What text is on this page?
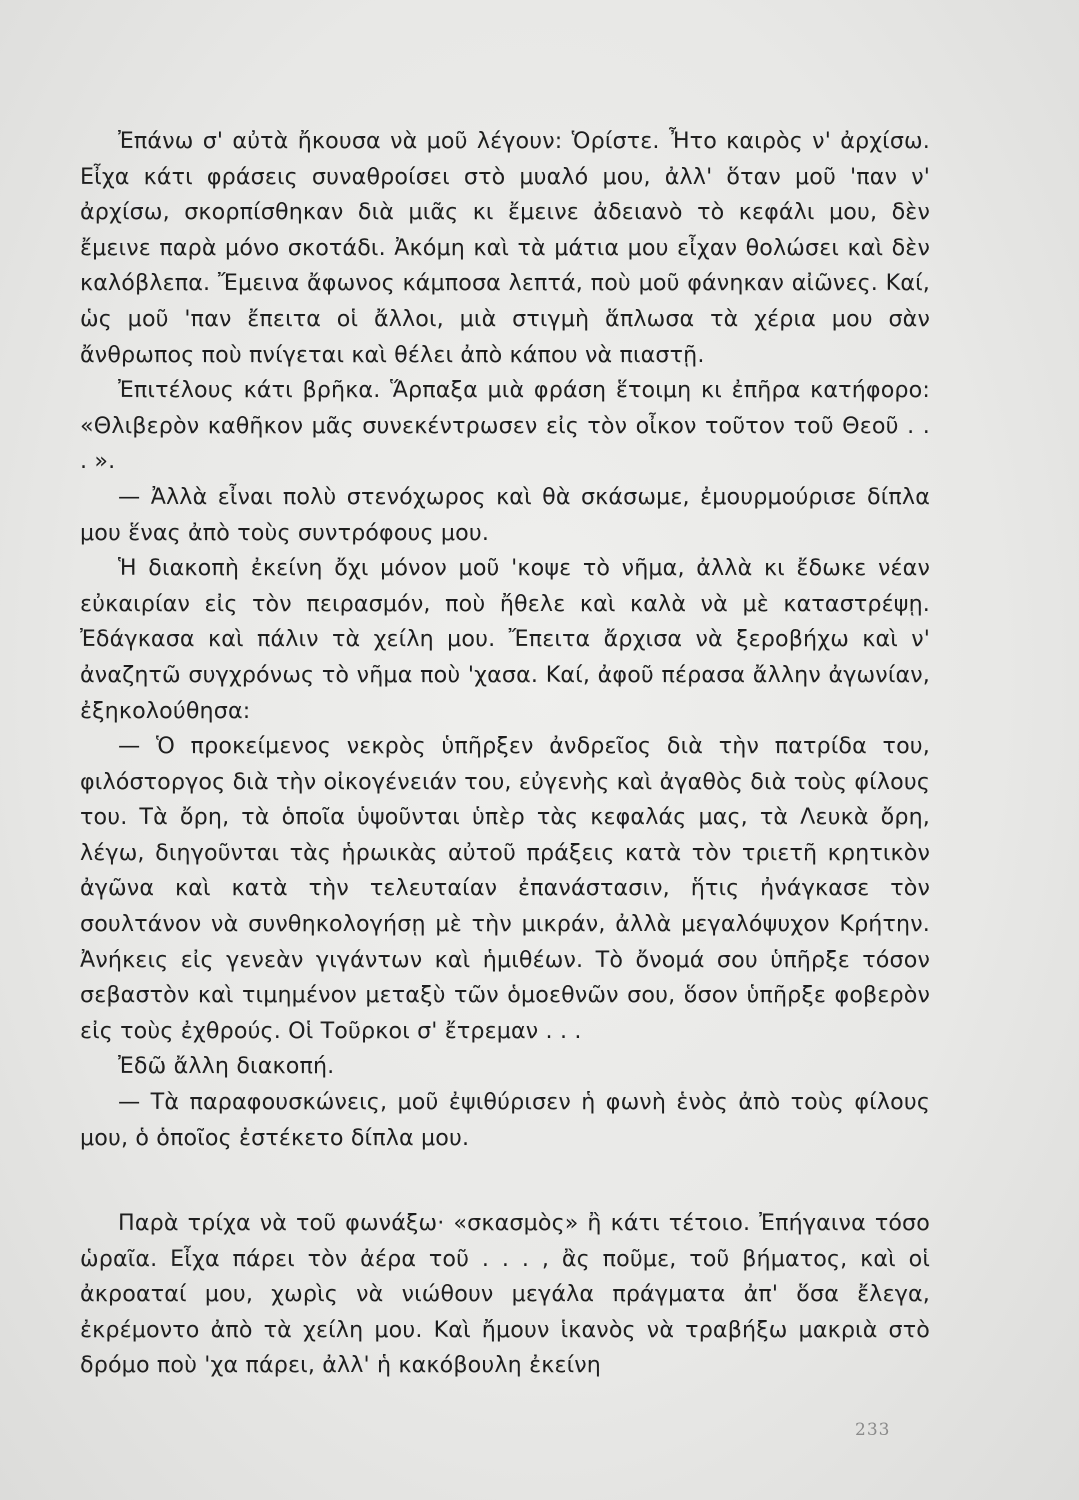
Ἐπάνω σ' αὐτὰ ἤκουσα νὰ μοῦ λέγουν: Ὁρίστε. Ἦτο καιρὸς ν' ἀρχίσω. Εἶχα κάτι φράσεις συναθροίσει στὸ μυαλό μου, ἀλλ' ὅταν μοῦ 'παν ν' ἀρχίσω, σκορπίσθηκαν διὰ μιᾶς κι ἔμεινε ἀδειανὸ τὸ κεφάλι μου, δὲν ἔμεινε παρὰ μόνο σκοτάδι. Ἀκόμη καὶ τὰ μάτια μου εἶχαν θολώσει καὶ δὲν καλόβλεπα. Ἔμεινα ἄφωνος κάμποσα λεπτά, ποὺ μοῦ φάνηκαν αἰῶνες. Καί, ὡς μοῦ 'παν ἔπειτα οἱ ἄλλοι, μιὰ στιγμὴ ἅπλωσα τὰ χέρια μου σὰν ἄνθρωπος ποὺ πνίγεται καὶ θέλει ἀπὸ κάπου νὰ πιαστῇ.

Ἐπιτέλους κάτι βρῆκα. Ἅρπαξα μιὰ φράση ἕτοιμη κι ἐπῆρα κατήφορο: «Θλιβερὸν καθῆκον μᾶς συνεκέντρωσεν εἰς τὸν οἶκον τοῦτον τοῦ Θεοῦ . . . ».

— Ἀλλὰ εἶναι πολὺ στενόχωρος καὶ θὰ σκάσωμε, ἐμουρμούρισε δίπλα μου ἕνας ἀπὸ τοὺς συντρόφους μου.

Ἡ διακοπὴ ἐκείνη ὄχι μόνον μοῦ 'κοψε τὸ νῆμα, ἀλλὰ κι ἔδωκε νέαν εὐκαιρίαν εἰς τὸν πειρασμόν, ποὺ ἤθελε καὶ καλὰ νὰ μὲ καταστρέψῃ. Ἐδάγκασα καὶ πάλιν τὰ χείλη μου. Ἔπειτα ἄρχισα νὰ ξεροβήχω καὶ ν' ἀναζητῶ συγχρόνως τὸ νῆμα ποὺ 'χασα. Καί, ἀφοῦ πέρασα ἄλλην ἀγωνίαν, ἐξηκολούθησα:

— Ὁ προκείμενος νεκρὸς ὑπῆρξεν ἀνδρεῖος διὰ τὴν πατρίδα του, φιλόστοργος διὰ τὴν οἰκογένειάν του, εὐγενὴς καὶ ἀγαθὸς διὰ τοὺς φίλους του. Τὰ ὄρη, τὰ ὁποῖα ὑψοῦνται ὑπὲρ τὰς κεφαλάς μας, τὰ Λευκὰ ὄρη, λέγω, διηγοῦνται τὰς ἡρωικὰς αὐτοῦ πράξεις κατὰ τὸν τριετῆ κρητικὸν ἀγῶνα καὶ κατὰ τὴν τελευταίαν ἐπανάστασιν, ἥτις ἠνάγκασε τὸν σουλτάνον νὰ συνθηκολογήσῃ μὲ τὴν μικράν, ἀλλὰ μεγαλόψυχον Κρήτην. Ἀνήκεις εἰς γενεὰν γιγάντων καὶ ἡμιθέων. Τὸ ὄνομά σου ὑπῆρξε τόσον σεβαστὸν καὶ τιμημένον μεταξὺ τῶν ὁμοεθνῶν σου, ὅσον ὑπῆρξε φοβερὸν εἰς τοὺς ἐχθρούς. Οἱ Τοῦρκοι σ' ἔτρεμαν . . .

Ἐδῶ ἄλλη διακοπή.

— Τὰ παραφουσκώνεις, μοῦ ἐψιθύρισεν ἡ φωνὴ ἑνὸς ἀπὸ τοὺς φίλους μου, ὁ ὁποῖος ἐστέκετο δίπλα μου.

Παρὰ τρίχα νὰ τοῦ φωνάξω· «σκασμὸς» ἢ κάτι τέτοιο. Ἐπήγαινα τόσο ὡραῖα. Εἶχα πάρει τὸν ἀέρα τοῦ . . . , ἂς ποῦμε, τοῦ βήματος, καὶ οἱ ἀκροαταί μου, χωρὶς νὰ νιώθουν μεγάλα πράγματα ἀπ' ὅσα ἔλεγα, ἐκρέμοντο ἀπὸ τὰ χείλη μου. Καὶ ἤμουν ἱκανὸς νὰ τραβήξω μακριὰ στὸ δρόμο ποὺ 'χα πάρει, ἀλλ' ἡ κακόβουλη ἐκείνη

233
